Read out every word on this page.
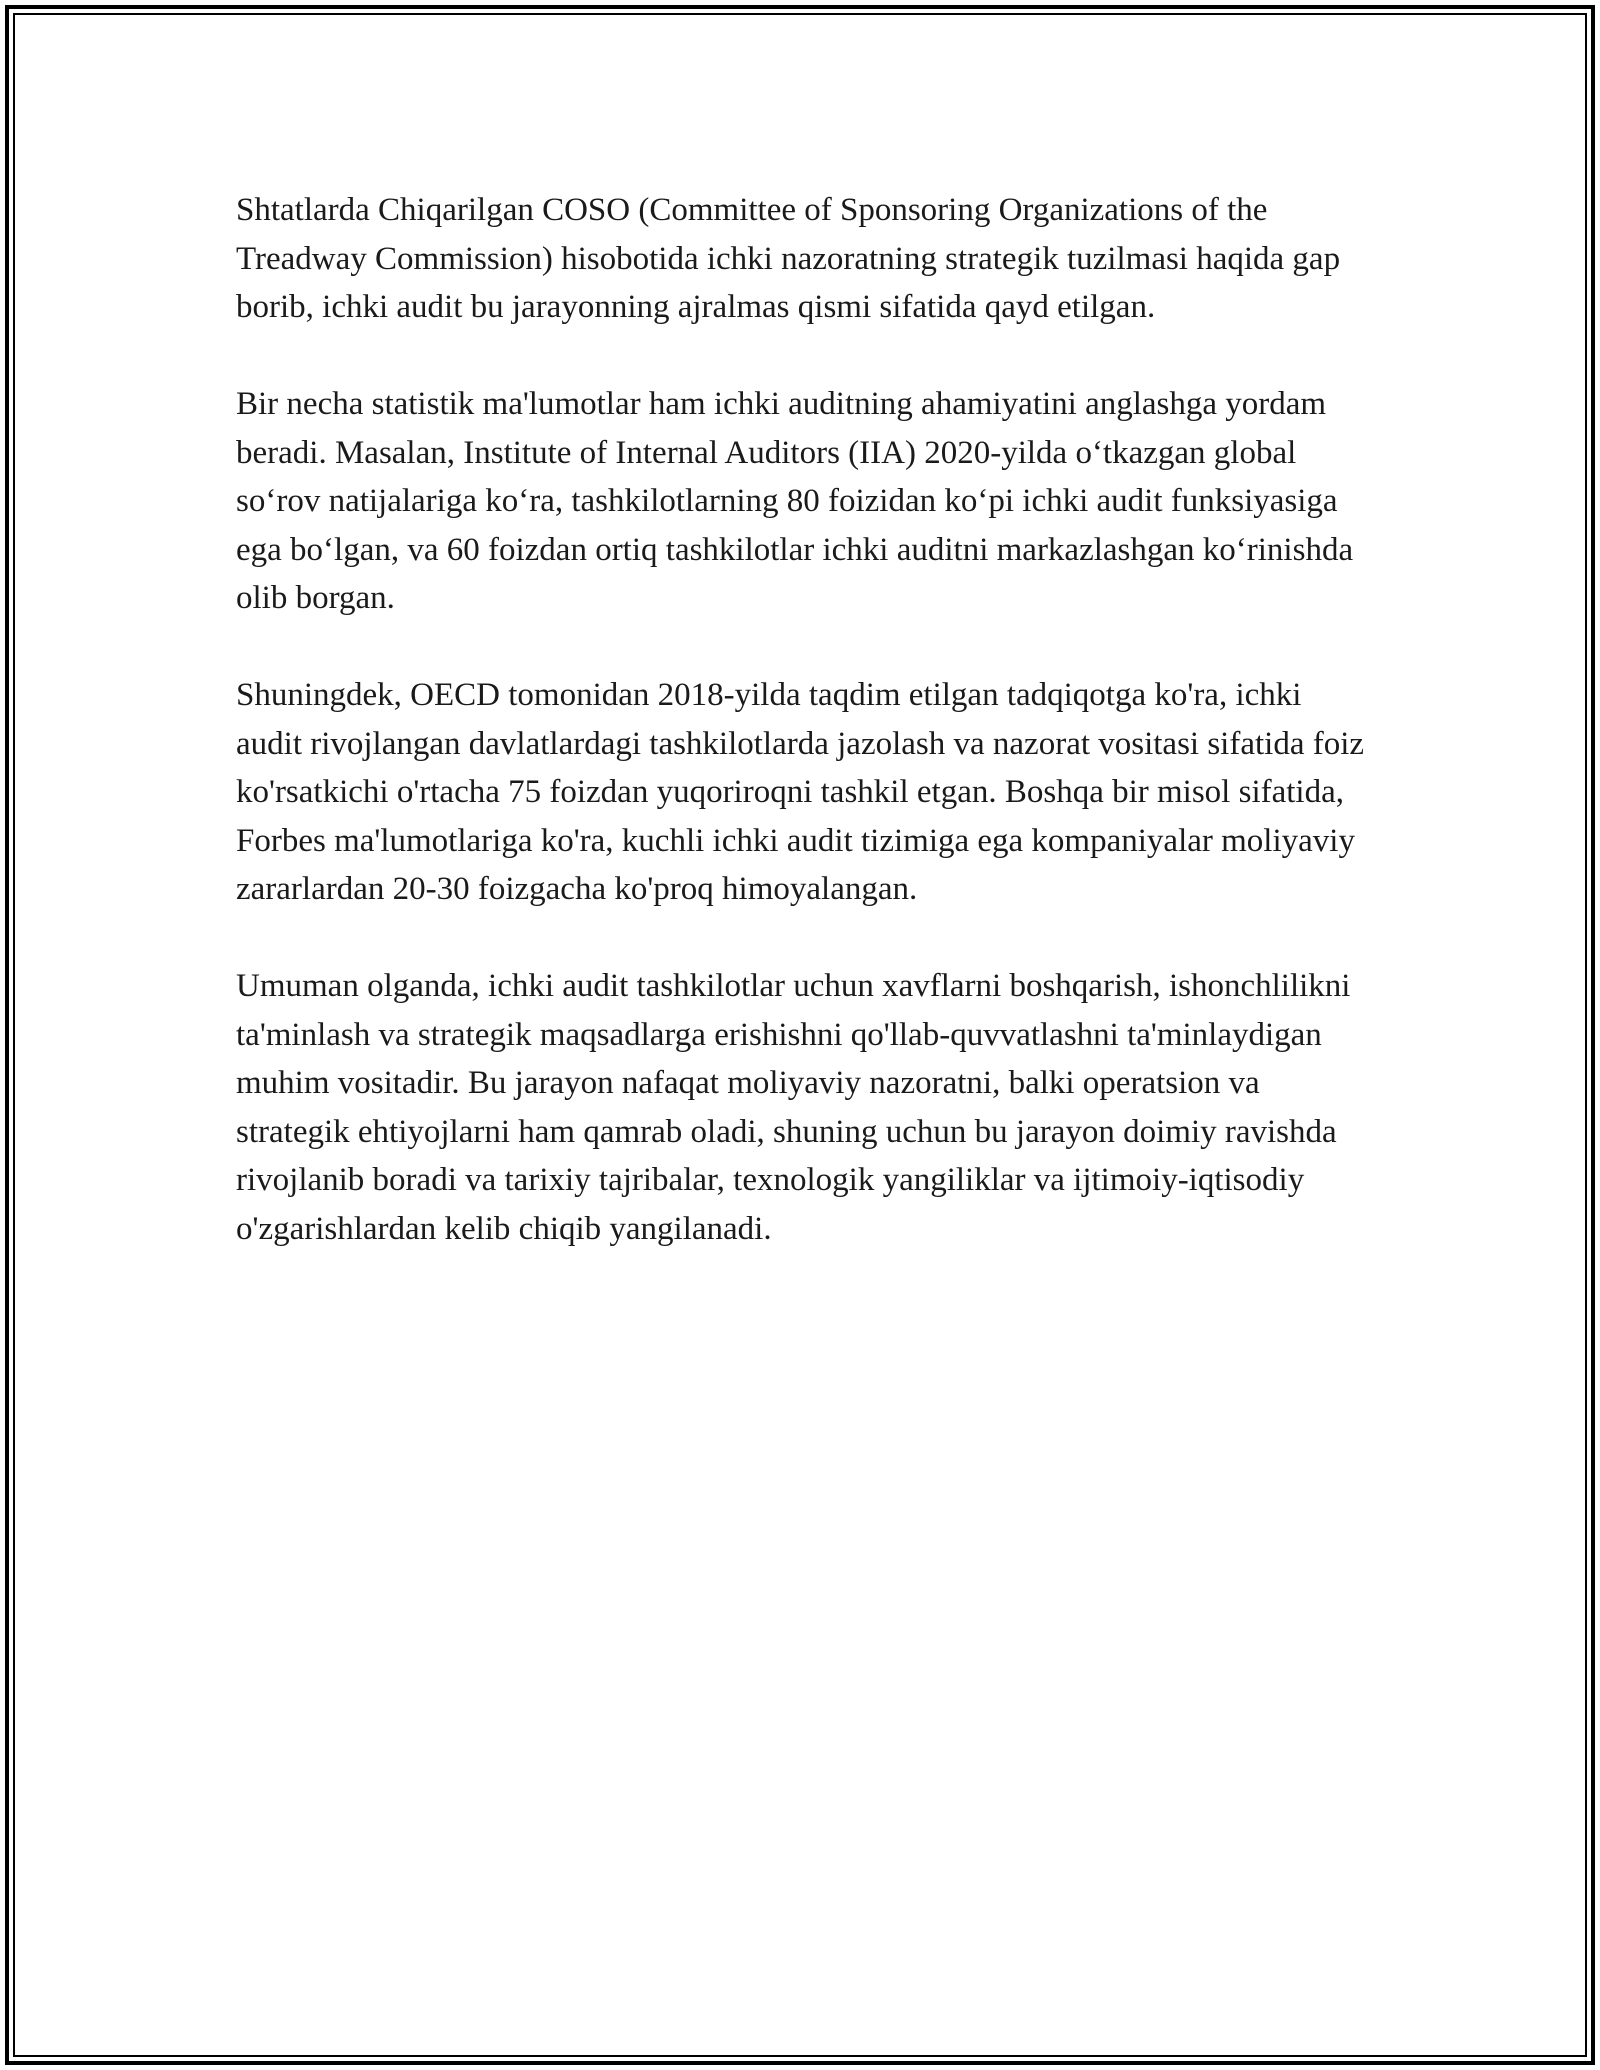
Shtatlarda Chiqarilgan COSO (Committee of Sponsoring Organizations of the Treadway Commission) hisobotida ichki nazoratning strategik tuzilmasi haqida gap borib, ichki audit bu jarayonning ajralmas qismi sifatida qayd etilgan.

Bir necha statistik ma'lumotlar ham ichki auditning ahamiyatini anglashga yordam beradi. Masalan, Institute of Internal Auditors (IIA) 2020-yilda o‘tkazgan global so‘rov natijalariga ko‘ra, tashkilotlarning 80 foizidan ko‘pi ichki audit funksiyasiga ega bo‘lgan, va 60 foizdan ortiq tashkilotlar ichki auditni markazlashgan ko‘rinishda olib borgan.

Shuningdek, OECD tomonidan 2018-yilda taqdim etilgan tadqiqotga ko'ra, ichki audit rivojlangan davlatlardagi tashkilotlarda jazolash va nazorat vositasi sifatida foiz ko'rsatkichi o'rtacha 75 foizdan yuqoriroqni tashkil etgan. Boshqa bir misol sifatida, Forbes ma'lumotlariga ko'ra, kuchli ichki audit tizimiga ega kompaniyalar moliyaviy zararlardan 20-30 foizgacha ko'proq himoyalangan.

Umuman olganda, ichki audit tashkilotlar uchun xavflarni boshqarish, ishonchlilikni ta'minlash va strategik maqsadlarga erishishni qo'llab-quvvatlashni ta'minlaydigan muhim vositadir. Bu jarayon nafaqat moliyaviy nazoratni, balki operatsion va strategik ehtiyojlarni ham qamrab oladi, shuning uchun bu jarayon doimiy ravishda rivojlanib boradi va tarixiy tajribalar, texnologik yangiliklar va ijtimoiy-iqtisodiy o'zgarishlardan kelib chiqib yangilanadi.
